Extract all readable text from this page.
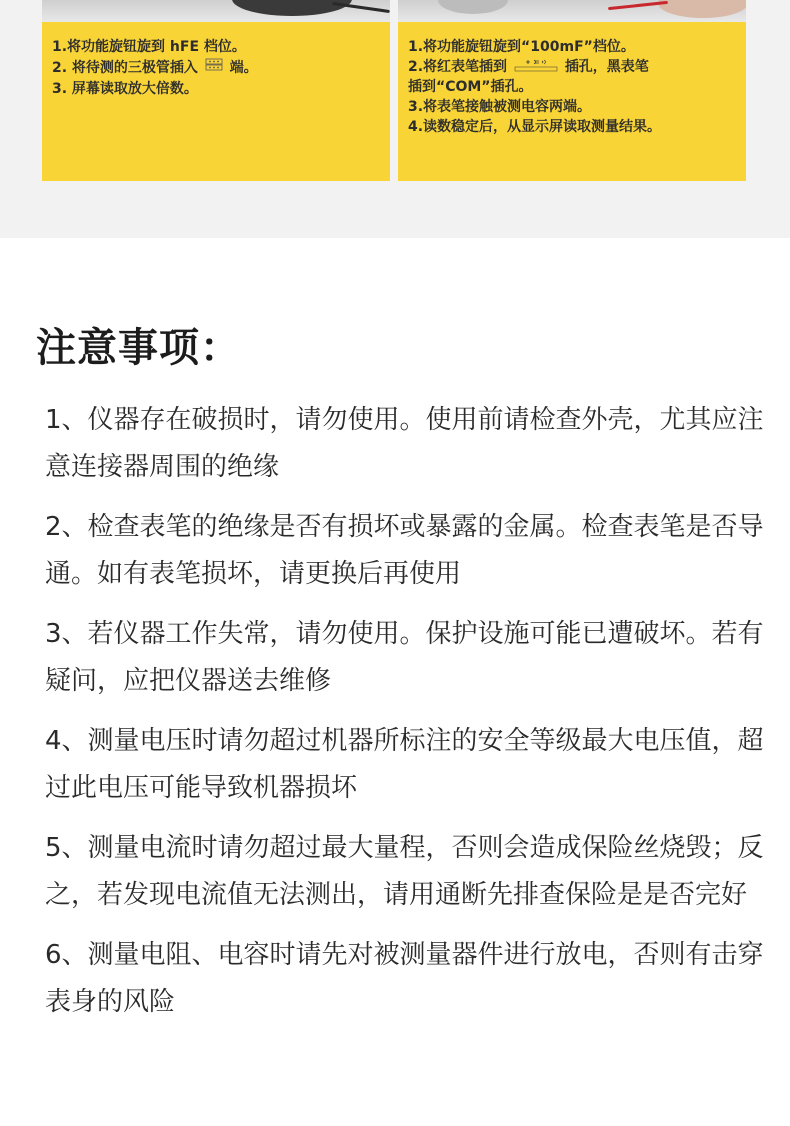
1.将功能旋钮旋到 hFE 档位。
2. 将待测的三极管插入 端。
3. 屏幕读取放大倍数。
1.将功能旋钮旋到“100mF”档位。
2.将红表笔插到	插孔，黑表笔
插到“COM”插孔。
3.将表笔接触被测电容两端。
4.读数稳定后，从显示屏读取测量结果。
注意事项：
1、仪器存在破损时，请勿使用。使用前请检查外壳，尤其应注意连接器周围的绝缘
2、检查表笔的绝缘是否有损坏或暴露的金属。检查表笔是否导通。如有表笔损坏，请更换后再使用
3、若仪器工作失常，请勿使用。保护设施可能已遭破坏。若有疑问，应把仪器送去维修
4、测量电压时请勿超过机器所标注的安全等级最大电压值，超过此电压可能导致机器损坏
5、测量电流时请勿超过最大量程，否则会造成保险丝烧毁；反之，若发现电流值无法测出，请用通断先排查保险是是否完好
6、测量电阻、电容时请先对被测量器件进行放电，否则有击穿表身的风险
